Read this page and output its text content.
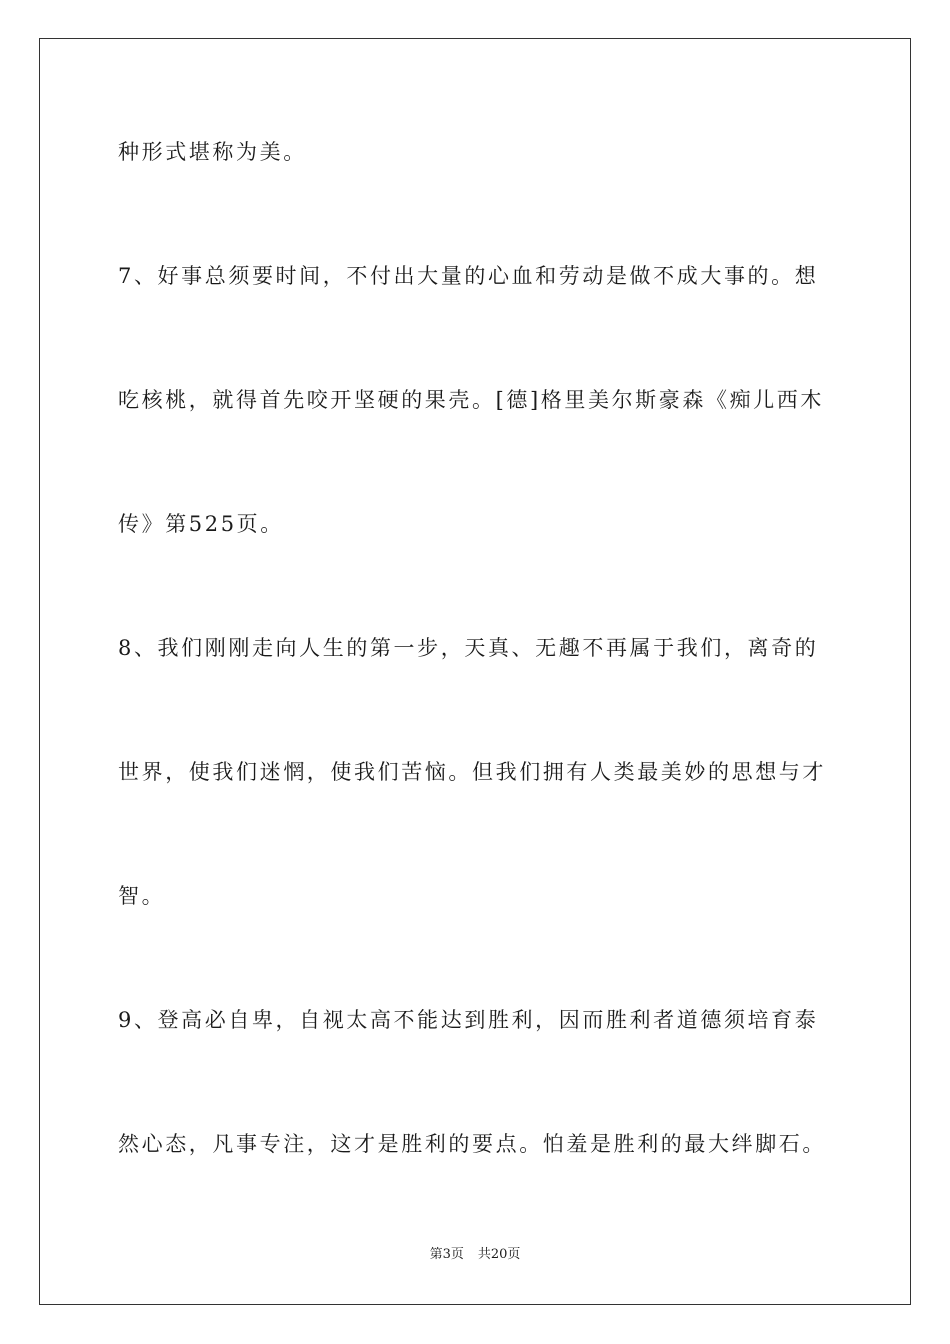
种形式堪称为美。
7、好事总须要时间，不付出大量的心血和劳动是做不成大事的。想
吃核桃，就得首先咬开坚硬的果壳。[德]格里美尔斯豪森《痴儿西木
传》第525页。
8、我们刚刚走向人生的第一步，天真、无趣不再属于我们，离奇的
世界，使我们迷惘，使我们苦恼。但我们拥有人类最美妙的思想与才
智。
9、登高必自卑，自视太高不能达到胜利，因而胜利者道德须培育泰
然心态，凡事专注，这才是胜利的要点。怕羞是胜利的最大绊脚石。
第3页 共20页
